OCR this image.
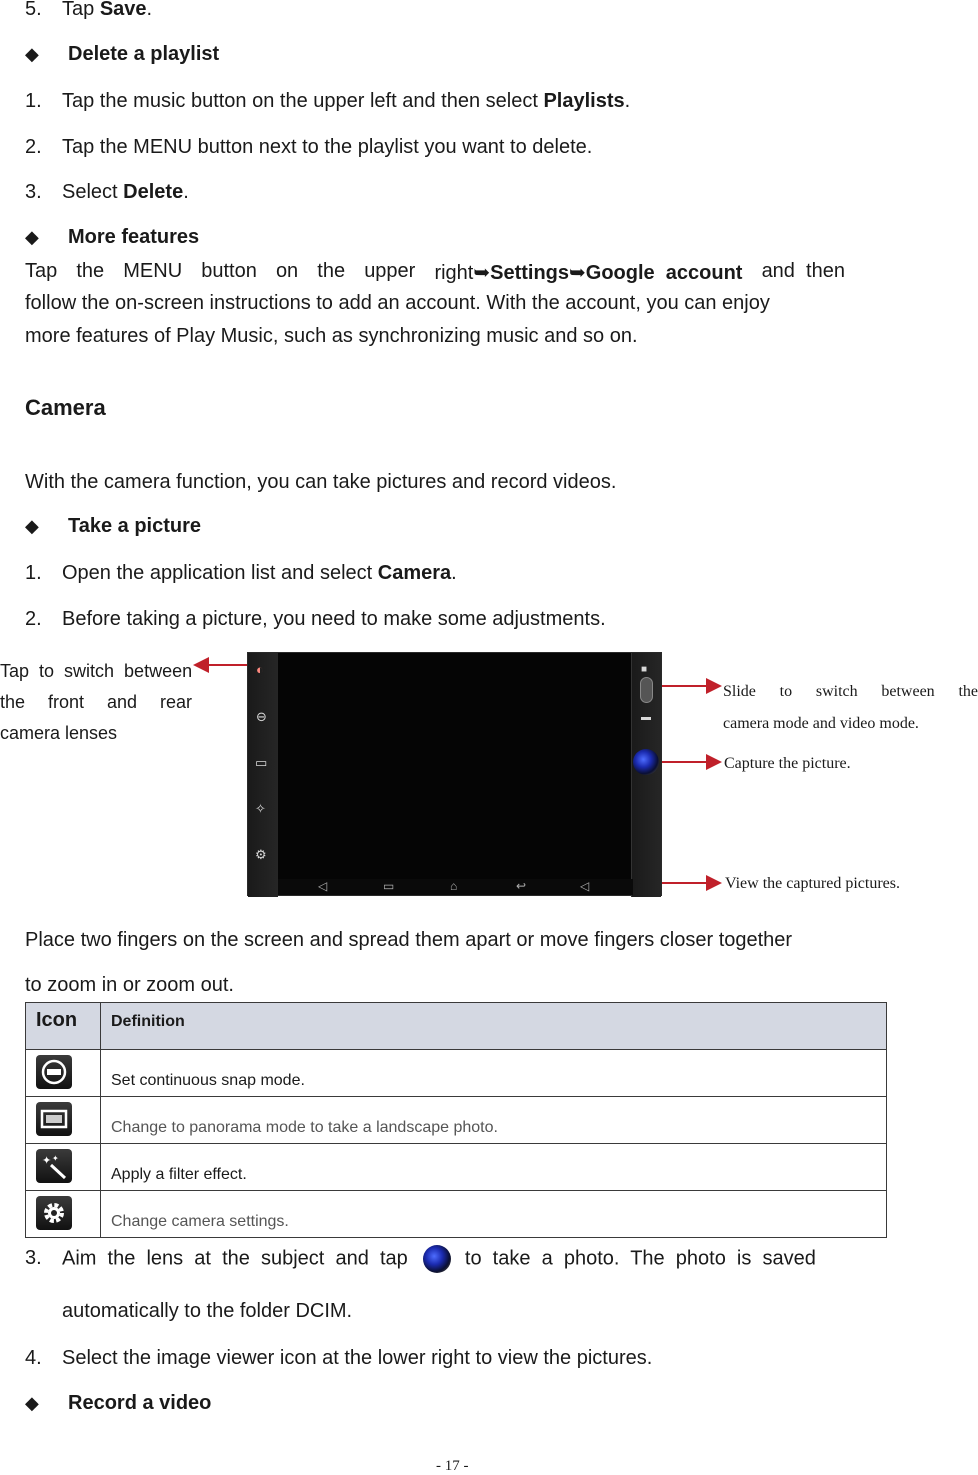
5. Tap Save.
◆ Delete a playlist
1. Tap the music button on the upper left and then select Playlists.
2. Tap the MENU button next to the playlist you want to delete.
3. Select Delete.
◆ More features
Tap the MENU button on the upper right➥Settings➥Google  account and  then
follow the on-screen instructions to add an account. With the account, you can enjoy
more features of Play Music, such as synchronizing music and so on.
Camera
With the camera function, you can take pictures and record videos.
◆ Take a picture
1. Open the application list and select Camera.
2. Before taking a picture, you need to make some adjustments.
Tap  to  switch  between
the    front    and    rear
camera lenses
◐
⊖
▭
✧
⚙
■
▬
◁	▭	⌂	↩	◁
Slide   to   switch   between   the
camera mode and video mode.
Capture the picture.
View the captured pictures.
Place two fingers on the screen and spread them apart or move fingers closer together
to zoom in or zoom out.
Icon	Definition

	Set continuous snap mode.

	Change to panorama mode to take a landscape photo.

✦ ✦	Apply a filter effect.

	Change camera settings.
3. Aim  the  lens  at  the  subject  and  tap	to  take  a  photo.  The  photo  is  saved
automatically to the folder DCIM.
4. Select the image viewer icon at the lower right to view the pictures.
◆ Record a video
- 17 -
